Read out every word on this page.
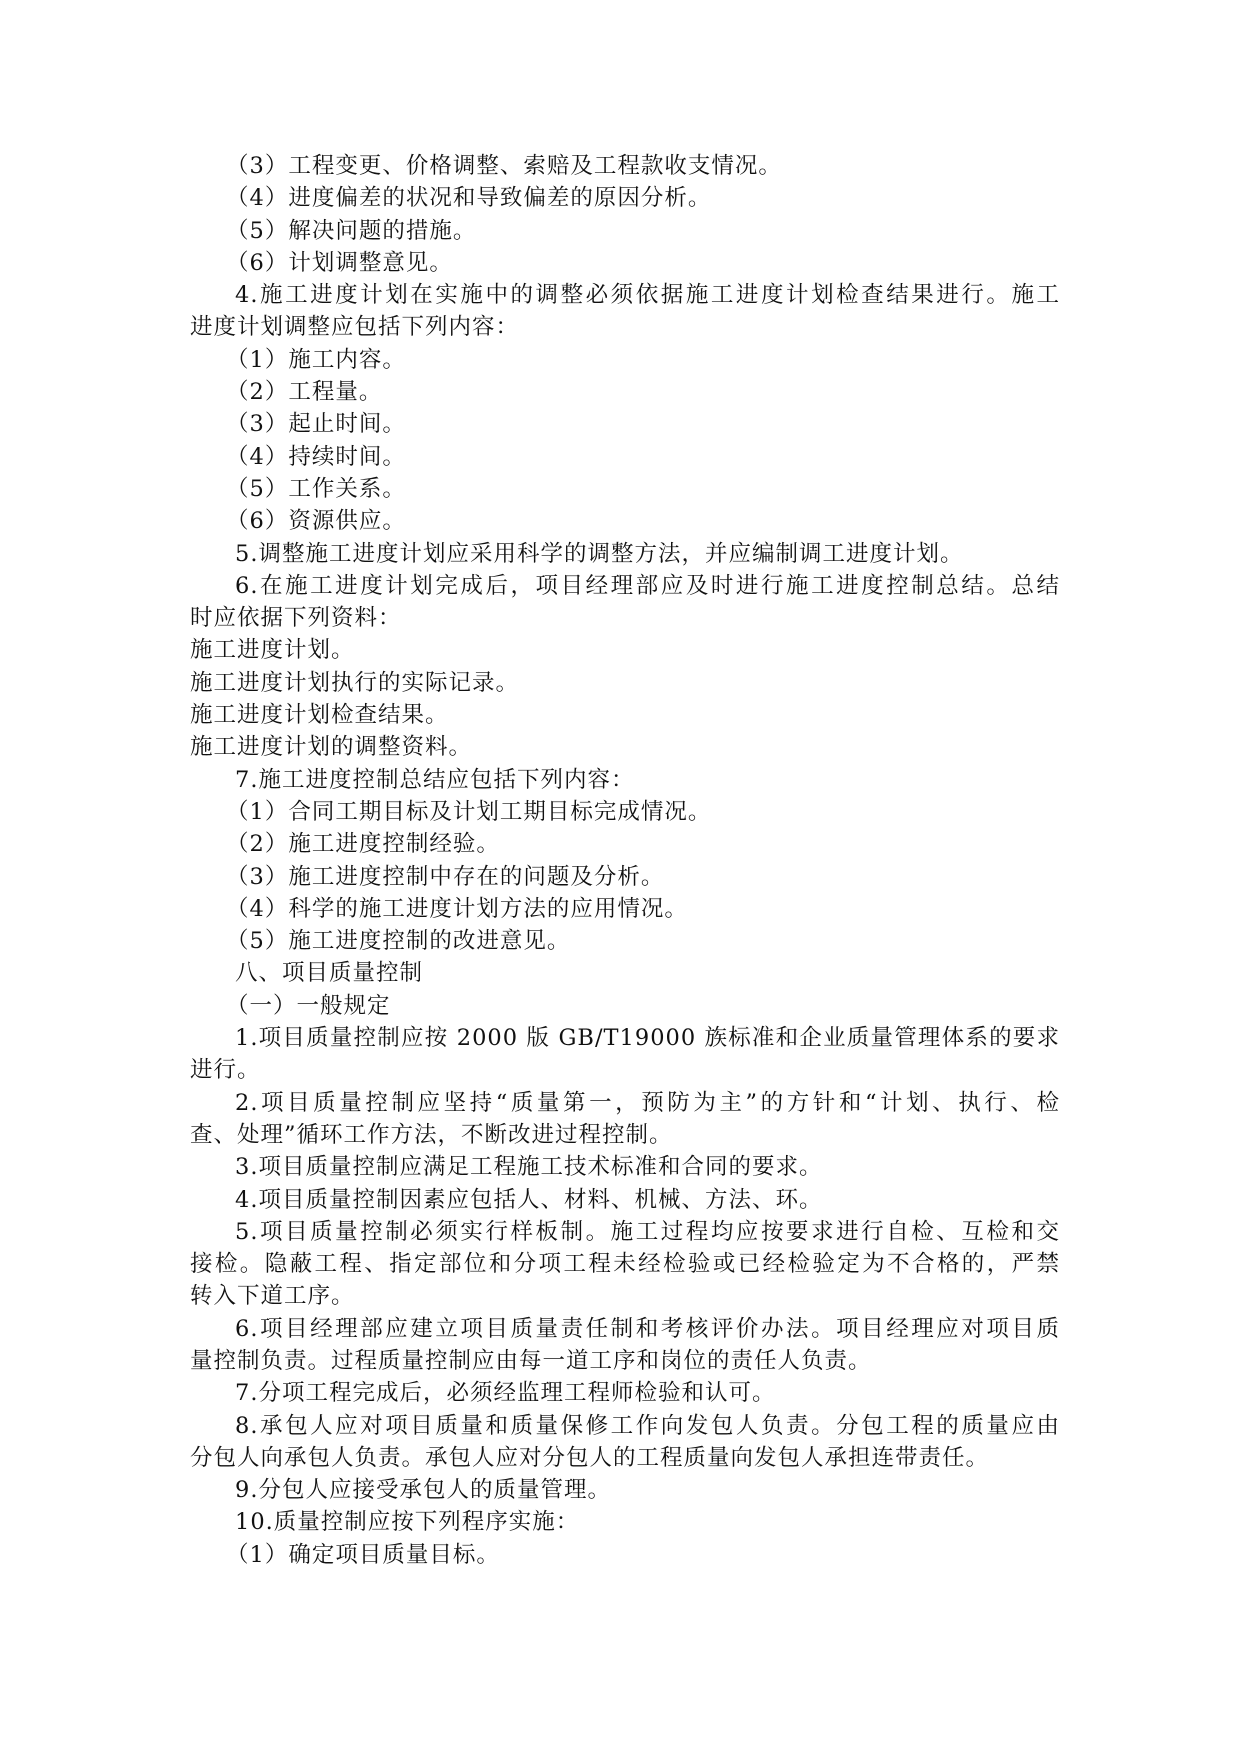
（3）工程变更、价格调整、索赔及工程款收支情况。
（4）进度偏差的状况和导致偏差的原因分析。
（5）解决问题的措施。
（6）计划调整意见。
4.施工进度计划在实施中的调整必须依据施工进度计划检查结果进行。施工
进度计划调整应包括下列内容：
（1）施工内容。
（2）工程量。
（3）起止时间。
（4）持续时间。
（5）工作关系。
（6）资源供应。
5.调整施工进度计划应采用科学的调整方法，并应编制调工进度计划。
6.在施工进度计划完成后，项目经理部应及时进行施工进度控制总结。总结
时应依据下列资料：
施工进度计划。
施工进度计划执行的实际记录。
施工进度计划检查结果。
施工进度计划的调整资料。
7.施工进度控制总结应包括下列内容：
（1）合同工期目标及计划工期目标完成情况。
（2）施工进度控制经验。
（3）施工进度控制中存在的问题及分析。
（4）科学的施工进度计划方法的应用情况。
（5）施工进度控制的改进意见。
八、项目质量控制
（一）一般规定
1.项目质量控制应按 2000 版 GB/T19000 族标准和企业质量管理体系的要求
进行。
2.项目质量控制应坚持“质量第一，预防为主”的方针和“计划、执行、检
查、处理”循环工作方法，不断改进过程控制。
3.项目质量控制应满足工程施工技术标准和合同的要求。
4.项目质量控制因素应包括人、材料、机械、方法、环。
5.项目质量控制必须实行样板制。施工过程均应按要求进行自检、互检和交
接检。隐蔽工程、指定部位和分项工程未经检验或已经检验定为不合格的，严禁
转入下道工序。
6.项目经理部应建立项目质量责任制和考核评价办法。项目经理应对项目质
量控制负责。过程质量控制应由每一道工序和岗位的责任人负责。
7.分项工程完成后，必须经监理工程师检验和认可。
8.承包人应对项目质量和质量保修工作向发包人负责。分包工程的质量应由
分包人向承包人负责。承包人应对分包人的工程质量向发包人承担连带责任。
9.分包人应接受承包人的质量管理。
10.质量控制应按下列程序实施：
（1）确定项目质量目标。
